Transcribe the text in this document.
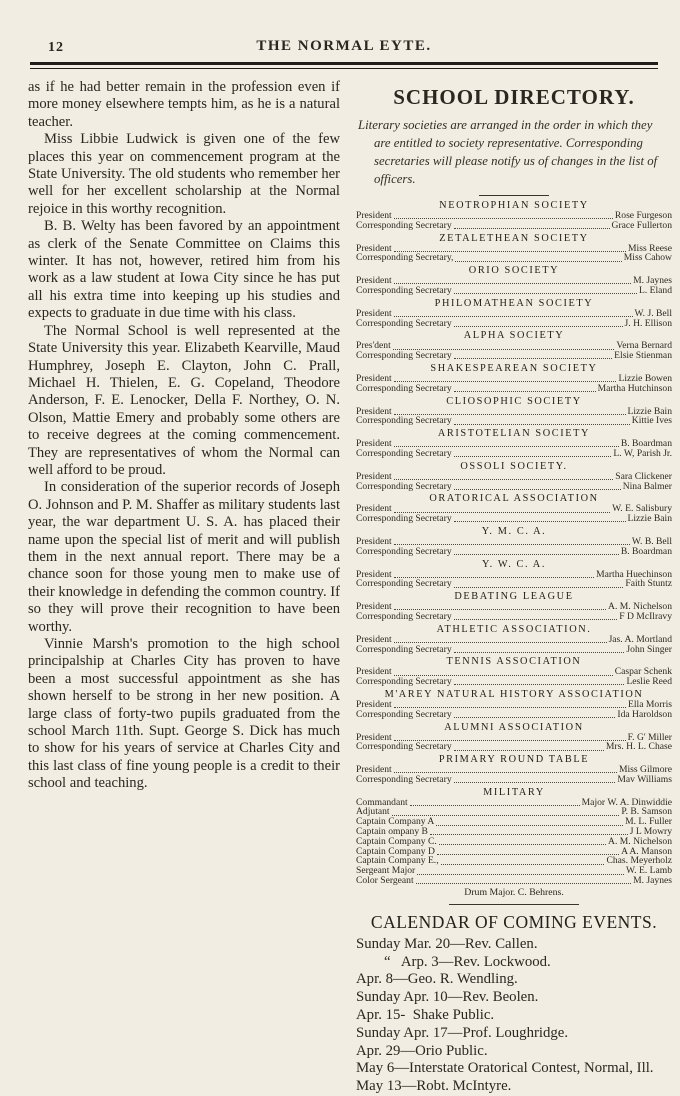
12	THE NORMAL EYTE.

as if he had better remain in the profession even if more money elsewhere tempts him, as he is a natural teacher.

Miss Libbie Ludwick is given one of the few places this year on commencement program at the State University. The old students who remember her well for her excellent scholarship at the Normal rejoice in this worthy recognition.

B. B. Welty has been favored by an appointment as clerk of the Senate Committee on Claims this winter. It has not, however, retired him from his work as a law student at Iowa City since he has put all his extra time into keeping up his studies and expects to graduate in due time with his class.

The Normal School is well represented at the State University this year. Elizabeth Kearville, Maud Humphrey, Joseph E. Clayton, John C. Prall, Michael H. Thielen, E. G. Copeland, Theodore Anderson, F. E. Lenocker, Della F. Northey, O. N. Olson, Mattie Emery and probably some others are to receive degrees at the coming commencement. They are representatives of whom the Normal can well afford to be proud.

In consideration of the superior records of Joseph O. Johnson and P. M. Shaffer as military students last year, the war department U. S. A. has placed their name upon the special list of merit and will publish them in the next annual report. There may be a chance soon for those young men to make use of their knowledge in defending the common country. If so they will prove their recognition to have been worthy.

Vinnie Marsh's promotion to the high school principalship at Charles City has proven to have been a most successful appointment as she has shown herself to be strong in her new position. A large class of forty-two pupils graduated from the school March 11th. Supt. George S. Dick has much to show for his years of service at Charles City and this last class of fine young people is a credit to their school and teaching.

SCHOOL DIRECTORY.
Literary societies are arranged in the order in which they are entitled to society representative. Corresponding secretaries will please notify us of changes in the list of officers.
NEOTROPHIAN SOCIETY
President	Rose Furgeson
Corresponding Secretary	Grace Fullerton
ZETALETHEAN SOCIETY
President	Miss Reese
Corresponding Secretary,	Miss Cahow
ORIO SOCIETY
President	M. Jaynes
Corresponding Secretary	L. Eland
PHILOMATHEAN SOCIETY
President	W. J. Bell
Corresponding Secretary	J. H. Ellison
ALPHA SOCIETY
Pres'dent	Verna Bernard
Corresponding Secretary	Elsie Stienman
SHAKESPEAREAN SOCIETY
President	Lizzie Bowen
Corresponding Secretary	Martha Hutchinson
CLIOSOPHIC SOCIETY
President	Lizzie Bain
Corresponding Secretary	Kittie Ives
ARISTOTELIAN SOCIETY
President	B. Boardman
Corresponding Secretary	L. W, Parish Jr.
OSSOLI SOCIETY.
President	Sara Clickener
Corresponding Secretary	Nina Balmer
ORATORICAL ASSOCIATION
President	W. E. Salisbury
Corresponding Secretary	Lizzie Bain
Y. M. C. A.
President	W. B. Bell
Corresponding Secretary	B. Boardman
Y. W. C. A.
President	Martha Huechinson
Corresponding Secretary	Faith Stuntz
DEBATING LEAGUE
President	A. M. Nichelson
Corresponding Secretary	F D McIlravy
ATHLETIC ASSOCIATION.
President	Jas. A. Mortland
Corresponding Secretary	John Singer
TENNIS ASSOCIATION
President	Caspar Schenk
Corresponding Secretary	Leslie Reed
M'AREY NATURAL HISTORY ASSOCIATION
President	Ella Morris
Corresponding Secretary	Ida Haroldson
ALUMNI ASSOCIATION
President	F. G' Miller
Corresponding Secretary	Mrs. H. L. Chase
PRIMARY ROUND TABLE
President	Miss Gilmore
Corresponding Secretary	Mav Williams
MILITARY
Commandant	Major W. A. Dinwiddie
Adjutant	P. B. Samson
Captain Company A	M. L. Fuller
Captain ompany B	J L Mowry
Captain Company C.	A. M. Nichelson
Captain Company D	A A. Manson
Captain Company E.,	Chas. Meyerholz
Sergeant Major	W. E. Lamb
Color Sergeant	M. Jaynes
Drum Major. C. Behrens.
CALENDAR OF COMING EVENTS.
Sunday Mar. 20—Rev. Callen.
“   Arp. 3—Rev. Lockwood.
Apr. 8—Geo. R. Wendling.
Sunday Apr. 10—Rev. Beolen.
Apr. 15-  Shake Public.
Sunday Apr. 17—Prof. Loughridge.
Apr. 29—Orio Public.
May 6—Interstate Oratorical Contest, Normal, Ill.
May 13—Robt. McIntyre.
